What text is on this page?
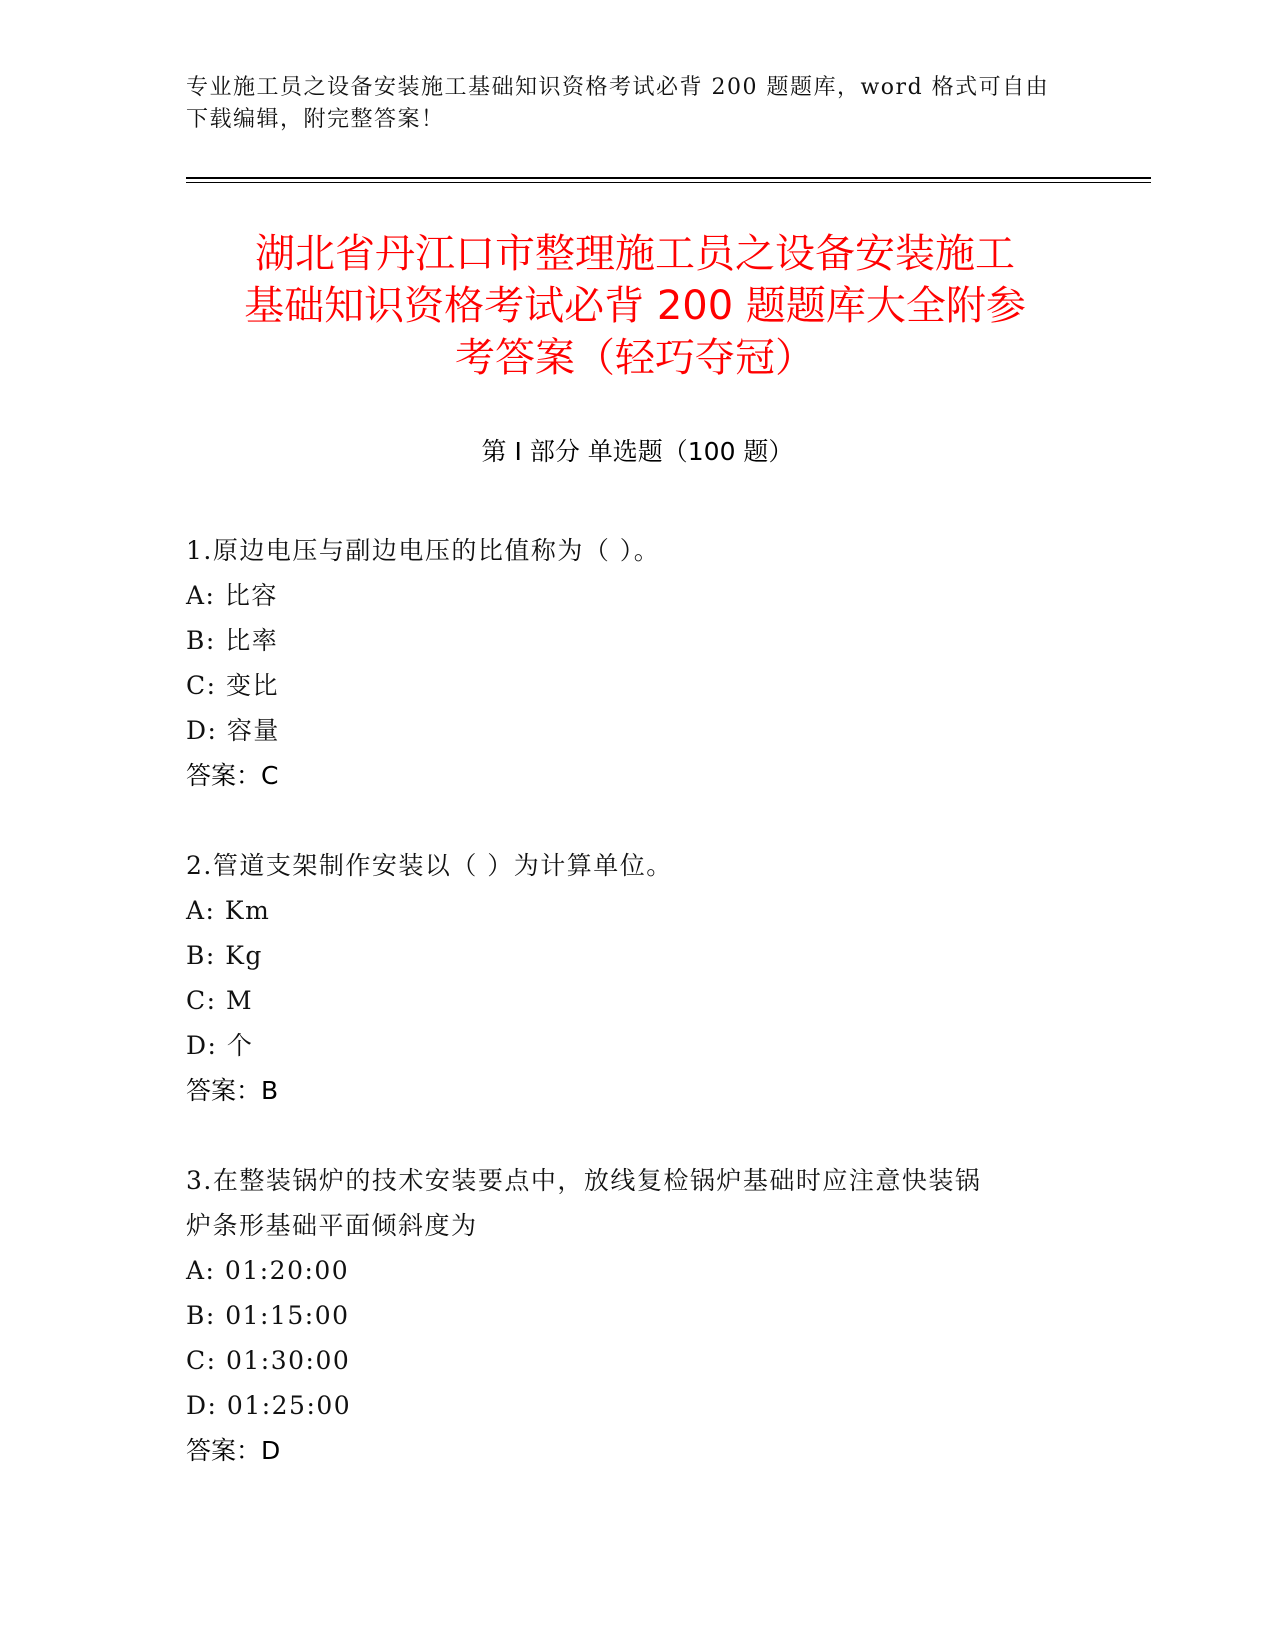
专业施工员之设备安装施工基础知识资格考试必背 200 题题库，word 格式可自由

下载编辑，附完整答案！

湖北省丹江口市整理施工员之设备安装施工
基础知识资格考试必背 200 题题库大全附参
考答案（轻巧夺冠）
第 I 部分 单选题（100 题）

1.原边电压与副边电压的比值称为（ ）。

A: 比容

B: 比率

C: 变比

D: 容量

答案：C

2.管道支架制作安装以（ ）为计算单位。

A: Km

B: Kg

C: M

D: 个

答案：B

3.在整装锅炉的技术安装要点中，放线复检锅炉基础时应注意快装锅

炉条形基础平面倾斜度为

A: 01:20:00

B: 01:15:00

C: 01:30:00

D: 01:25:00

答案：D
